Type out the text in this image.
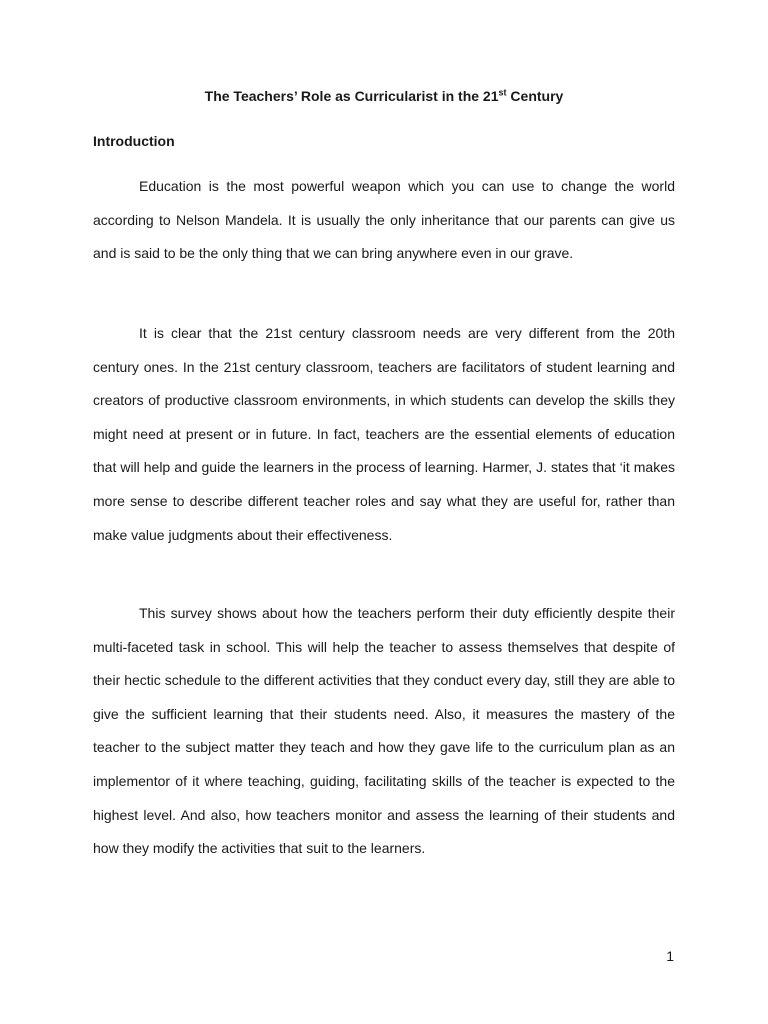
The Teachers’ Role as Curricularist in the 21st Century
Introduction

Education is the most powerful weapon which you can use to change the world according to Nelson Mandela. It is usually the only inheritance that our parents can give us and is said to be the only thing that we can bring anywhere even in our grave.

It is clear that the 21st century classroom needs are very different from the 20th century ones. In the 21st century classroom, teachers are facilitators of student learning and creators of productive classroom environments, in which students can develop the skills they might need at present or in future. In fact, teachers are the essential elements of education that will help and guide the learners in the process of learning. Harmer, J. states that ‘it makes more sense to describe different teacher roles and say what they are useful for, rather than make value judgments about their effectiveness.

This survey shows about how the teachers perform their duty efficiently despite their multi-faceted task in school. This will help the teacher to assess themselves that despite of their hectic schedule to the different activities that they conduct every day, still they are able to give the sufficient learning that their students need. Also, it measures the mastery of the teacher to the subject matter they teach and how they gave life to the curriculum plan as an implementor of it where teaching, guiding, facilitating skills of the teacher is expected to the highest level. And also, how teachers monitor and assess the learning of their students and how they modify the activities that suit to the learners.

1
